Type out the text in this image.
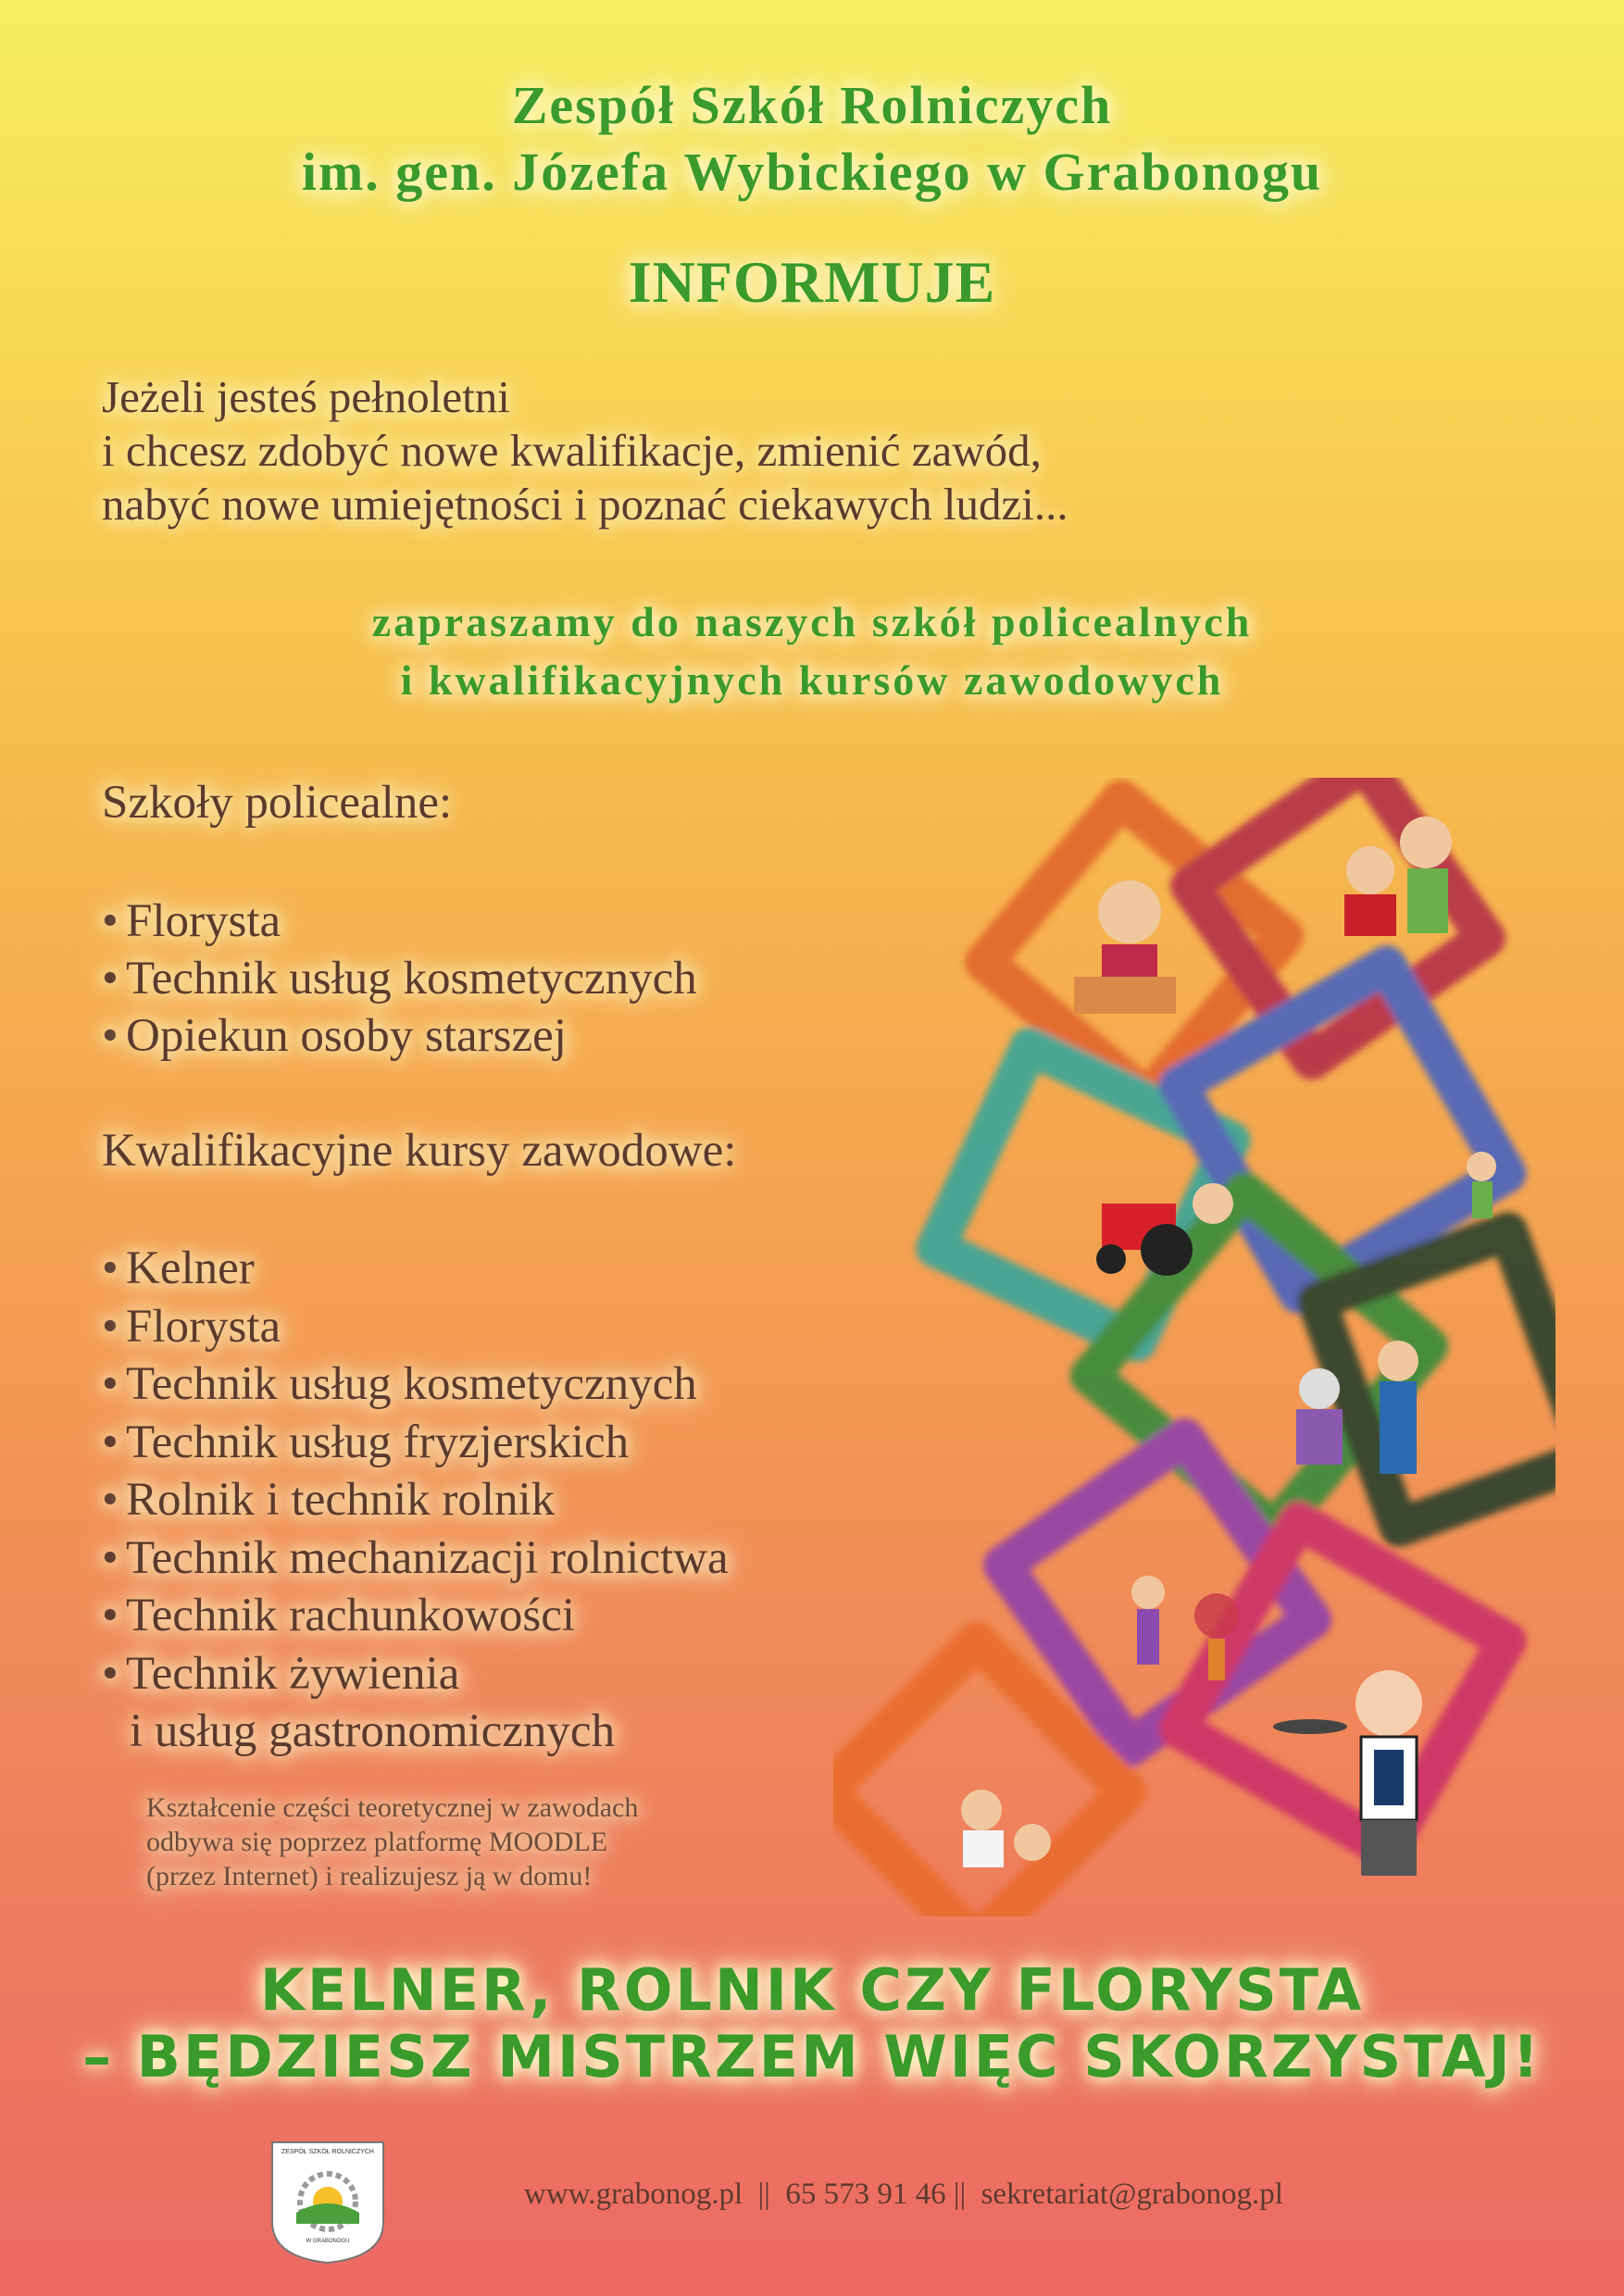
Zespół Szkół Rolniczych
im. gen. Józefa Wybickiego w Grabonogu
INFORMUJE
Jeżeli jesteś pełnoletni
i chcesz zdobyć nowe kwalifikacje, zmienić zawód,
nabyć nowe umiejętności i poznać ciekawych ludzi...
zapraszamy do naszych szkół policealnych
i kwalifikacyjnych kursów zawodowych
Szkoły policealne:
• Florysta
• Technik usług kosmetycznych
• Opiekun osoby starszej
Kwalifikacyjne kursy zawodowe:
• Kelner
• Florysta
• Technik usług kosmetycznych
• Technik usług fryzjerskich
• Rolnik i technik rolnik
• Technik mechanizacji rolnictwa
• Technik rachunkowości
• Technik żywienia
i usług gastronomicznych
Kształcenie części teoretycznej w zawodach
odbywa się poprzez platformę MOODLE
(przez Internet) i realizujesz ją w domu!
KELNER, ROLNIK CZY FLORYSTA
– BĘDZIESZ MISTRZEM WIĘC SKORZYSTAJ!
ZESPÓŁ SZKÓŁ ROLNICZYCH
W GRABONOGU
www.grabonog.pl  ||  65 573 91 46 ||  sekretariat@grabonog.pl
